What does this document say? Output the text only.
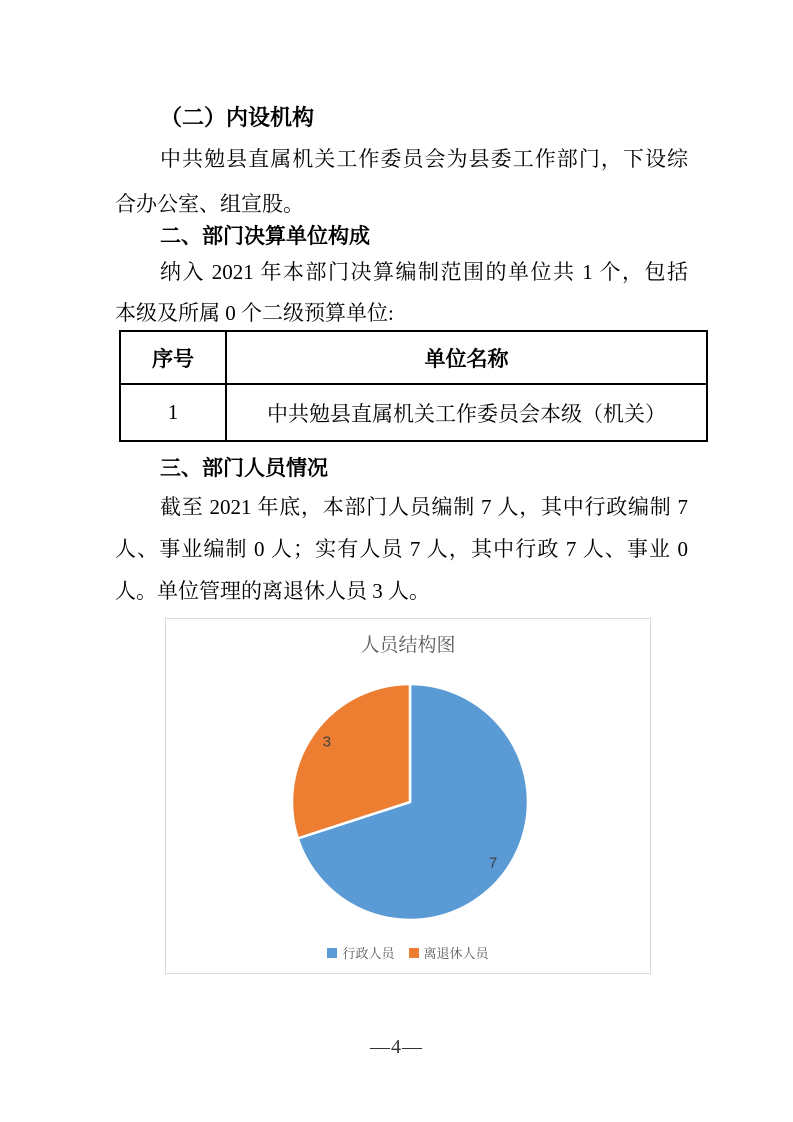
（二）内设机构
中共勉县直属机关工作委员会为县委工作部门，下设综
合办公室、组宣股。
二、部门决算单位构成
纳入 2021 年本部门决算编制范围的单位共 1 个，包括
本级及所属 0 个二级预算单位:
序号	单位名称
1	中共勉县直属机关工作委员会本级（机关）
三、部门人员情况
截至 2021 年底，本部门人员编制 7 人，其中行政编制 7
人、事业编制 0 人；实有人员 7 人，其中行政 7 人、事业 0
人。单位管理的离退休人员 3 人。
人员结构图
7
3
行政人员 离退休人员
—4—
